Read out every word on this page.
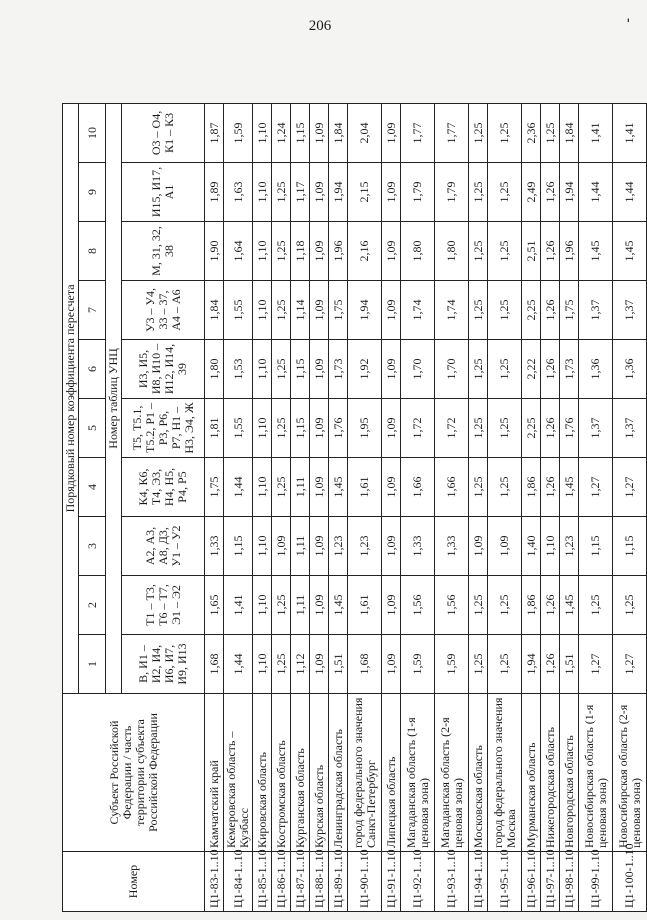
206	ˈ
Номер	Субъект Российской Федерации / часть территории субъекта Российской Федерации	Порядковый номер коэффициента пересчета									
		1	2	3	4	5	6	7	8	9	10
		Номер таблиц УНЦ									
		В, И1 – И2, И4, И6, И7, И9, И13	Т1 – Т3, Т6 – Т7, Э1 – Э2	А2, А3, А8, Д3, У1 – У2	К4, К6, Т4, Э3, Н4, Н5, Р4, Р5	Т5, Т5.1, Т5.2, Р1 – Р3, Р6, Р7, Н1 – Н3, Э4, Ж	И3, И5, И8, И10 – И12, И14, 39	У3 – У4, 33 – 37, А4 – А6	М, 31, 32, 38	И15, И17, А1	О3 – О4, К1 – К3
Ц1-83-1..10	Камчатский край	1,68	1,65	1,33	1,75	1,81	1,80	1,84	1,90	1,89	1,87
Ц1-84-1..10	Кемеровская область – Кузбасс	1,44	1,41	1,15	1,44	1,55	1,53	1,55	1,64	1,63	1,59
Ц1-85-1..10	Кировская область	1,10	1,10	1,10	1,10	1,10	1,10	1,10	1,10	1,10	1,10
Ц1-86-1..10	Костромская область	1,25	1,25	1,09	1,25	1,25	1,25	1,25	1,25	1,25	1,24
Ц1-87-1..10	Курганская область	1,12	1,11	1,11	1,11	1,15	1,15	1,14	1,18	1,17	1,15
Ц1-88-1..10	Курская область	1,09	1,09	1,09	1,09	1,09	1,09	1,09	1,09	1,09	1,09
Ц1-89-1..10	Ленинградская область	1,51	1,45	1,23	1,45	1,76	1,73	1,75	1,96	1,94	1,84
Ц1-90-1..10	город федерального значения Санкт-Петербург	1,68	1,61	1,23	1,61	1,95	1,92	1,94	2,16	2,15	2,04
Ц1-91-1..10	Липецкая область	1,09	1,09	1,09	1,09	1,09	1,09	1,09	1,09	1,09	1,09
Ц1-92-1..10	Магаданская область (1-я ценовая зона)	1,59	1,56	1,33	1,66	1,72	1,70	1,74	1,80	1,79	1,77
Ц1-93-1..10	Магаданская область (2-я ценовая зона)	1,59	1,56	1,33	1,66	1,72	1,70	1,74	1,80	1,79	1,77
Ц1-94-1..10	Московская область	1,25	1,25	1,09	1,25	1,25	1,25	1,25	1,25	1,25	1,25
Ц1-95-1..10	город федерального значения Москва	1,25	1,25	1,09	1,25	1,25	1,25	1,25	1,25	1,25	1,25
Ц1-96-1..10	Мурманская область	1,94	1,86	1,40	1,86	2,25	2,22	2,25	2,51	2,49	2,36
Ц1-97-1..10	Нижегородская область	1,26	1,26	1,10	1,26	1,26	1,26	1,26	1,26	1,26	1,25
Ц1-98-1..10	Новгородская область	1,51	1,45	1,23	1,45	1,76	1,73	1,75	1,96	1,94	1,84
Ц1-99-1..10	Новосибирская область (1-я ценовая зона)	1,27	1,25	1,15	1,27	1,37	1,36	1,37	1,45	1,44	1,41
Ц1-100-1..10	Новосибирская область (2-я ценовая зона)	1,27	1,25	1,15	1,27	1,37	1,36	1,37	1,45	1,44	1,41
